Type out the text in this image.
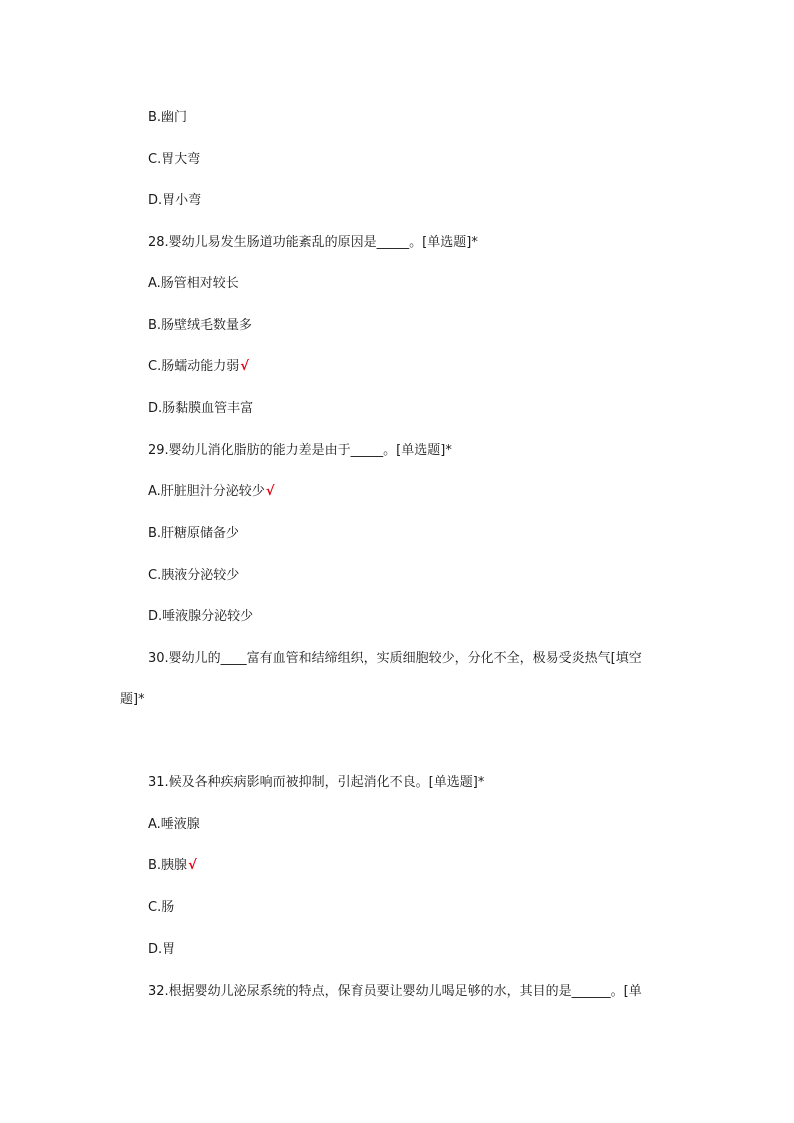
B.幽门
C.胃大弯
D.胃小弯
28.婴幼儿易发生肠道功能紊乱的原因是_____。[单选题]*
A.肠管相对较长
B.肠壁绒毛数量多
C.肠蠕动能力弱√
D.肠黏膜血管丰富
29.婴幼儿消化脂肪的能力差是由于_____。[单选题]*
A.肝脏胆汁分泌较少√
B.肝糖原储备少
C.胰液分泌较少
D.唾液腺分泌较少
30.婴幼儿的____富有血管和结缔组织，实质细胞较少，分化不全，极易受炎热气[填空
题]*
31.候及各种疾病影响而被抑制，引起消化不良。[单选题]*
A.唾液腺
B.胰腺√
C.肠
D.胃
32.根据婴幼儿泌尿系统的特点，保育员要让婴幼儿喝足够的水，其目的是______。[单
